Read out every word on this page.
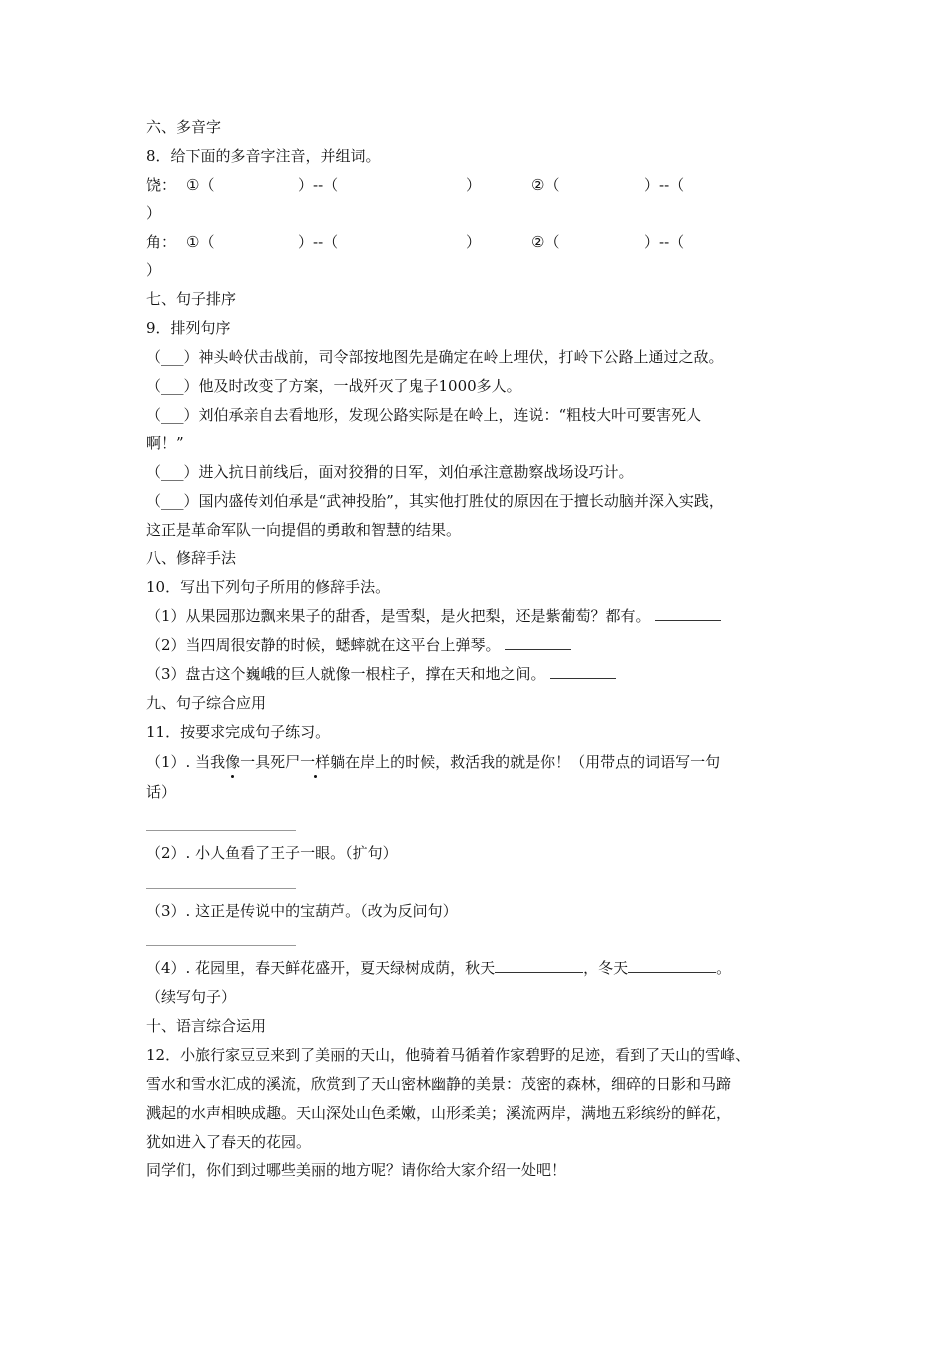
六、多音字
8．给下面的多音字注音，并组词。
饶： ①（	）--（	）	②（	）--（
）
角： ①（	）--（	）	②（	）--（
）
七、句子排序
9．排列句序
（___）神头岭伏击战前，司令部按地图先是确定在岭上埋伏，打岭下公路上通过之敌。
（___）他及时改变了方案，一战歼灭了鬼子1000多人。
（___）刘伯承亲自去看地形，发现公路实际是在岭上，连说：“粗枝大叶可要害死人
啊！”
（___）进入抗日前线后，面对狡猾的日军，刘伯承注意勘察战场设巧计。
（___）国内盛传刘伯承是“武神投胎”，其实他打胜仗的原因在于擅长动脑并深入实践，
这正是革命军队一向提倡的勇敢和智慧的结果。
八、修辞手法
10．写出下列句子所用的修辞手法。
（1）从果园那边飘来果子的甜香，是雪梨，是火把梨，还是紫葡萄？都有。
（2）当四周很安静的时候，蟋蟀就在这平台上弹琴。
（3）盘古这个巍峨的巨人就像一根柱子，撑在天和地之间。
九、句子综合应用
11．按要求完成句子练习。
（1）. 当我像一具死尸一样躺在岸上的时候，救活我的就是你！（用带点的词语写一句
话）
（2）. 小人鱼看了王子一眼。（扩句）
（3）. 这正是传说中的宝葫芦。（改为反问句）
（4）. 花园里，春天鲜花盛开，夏天绿树成荫，秋天	，冬天	。
（续写句子）
十、语言综合运用
12．小旅行家豆豆来到了美丽的天山，他骑着马循着作家碧野的足迹，看到了天山的雪峰、
雪水和雪水汇成的溪流，欣赏到了天山密林幽静的美景：茂密的森林，细碎的日影和马蹄
溅起的水声相映成趣。天山深处山色柔嫩，山形柔美；溪流两岸，满地五彩缤纷的鲜花，
犹如进入了春天的花园。
同学们，你们到过哪些美丽的地方呢？请你给大家介绍一处吧！
